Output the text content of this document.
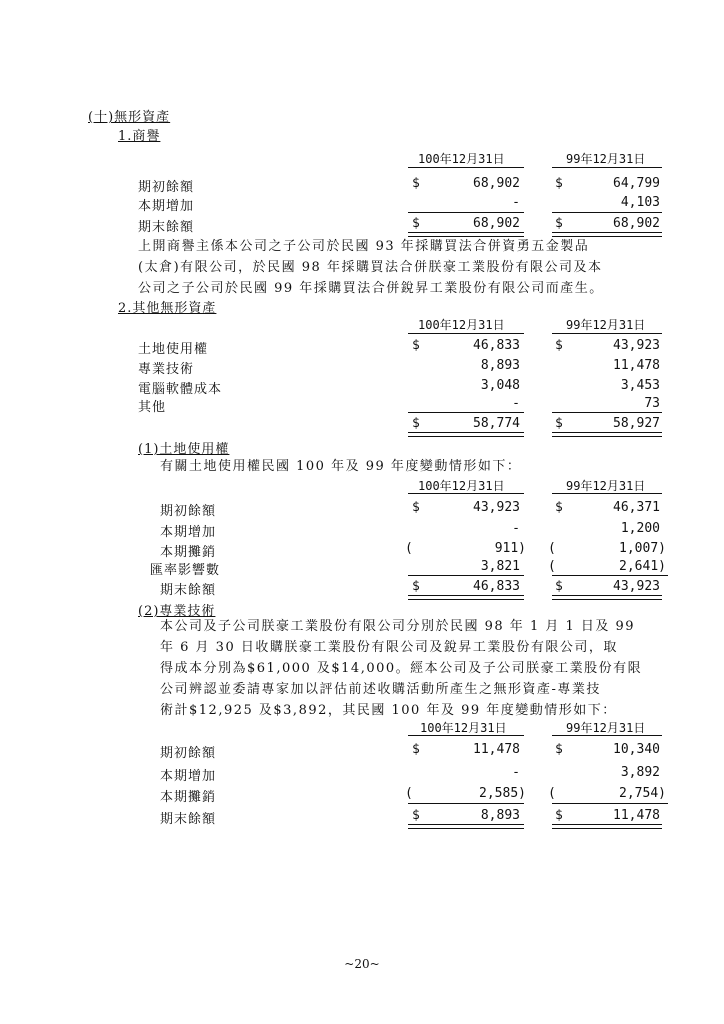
(十)無形資產
1.商譽
100年12月31日	99年12月31日
期初餘額	$	68,902	$	64,799
本期增加	-	4,103
期末餘額	$	68,902	$	68,902
上開商譽主係本公司之子公司於民國 93 年採購買法合併資勇五金製品
(太倉)有限公司，於民國 98 年採購買法合併朕豪工業股份有限公司及本
公司之子公司於民國 99 年採購買法合併銳昇工業股份有限公司而產生。
2.其他無形資產
100年12月31日	99年12月31日
土地使用權	$	46,833	$	43,923
專業技術	8,893	11,478
電腦軟體成本	3,048	3,453
其他	-	73
$	58,774	$	58,927
(1)土地使用權
有關土地使用權民國 100 年及 99 年度變動情形如下：
100年12月31日	99年12月31日
期初餘額	$	43,923	$	46,371
本期增加	-	1,200
本期攤銷	(	911) (	1,007)
匯率影響數	3,821 (	2,641)
期末餘額	$	46,833	$	43,923
(2)專業技術
本公司及子公司朕豪工業股份有限公司分別於民國 98 年 1 月 1 日及 99
年 6 月 30 日收購朕豪工業股份有限公司及銳昇工業股份有限公司，取
得成本分別為$61,000 及$14,000。經本公司及子公司朕豪工業股份有限
公司辨認並委請專家加以評估前述收購活動所產生之無形資產-專業技
術計$12,925 及$3,892，其民國 100 年及 99 年度變動情形如下：
100年12月31日	99年12月31日
期初餘額	$	11,478	$	10,340
本期增加	-	3,892
本期攤銷	(	2,585) (	2,754)
期末餘額	$	8,893	$	11,478
~20~
